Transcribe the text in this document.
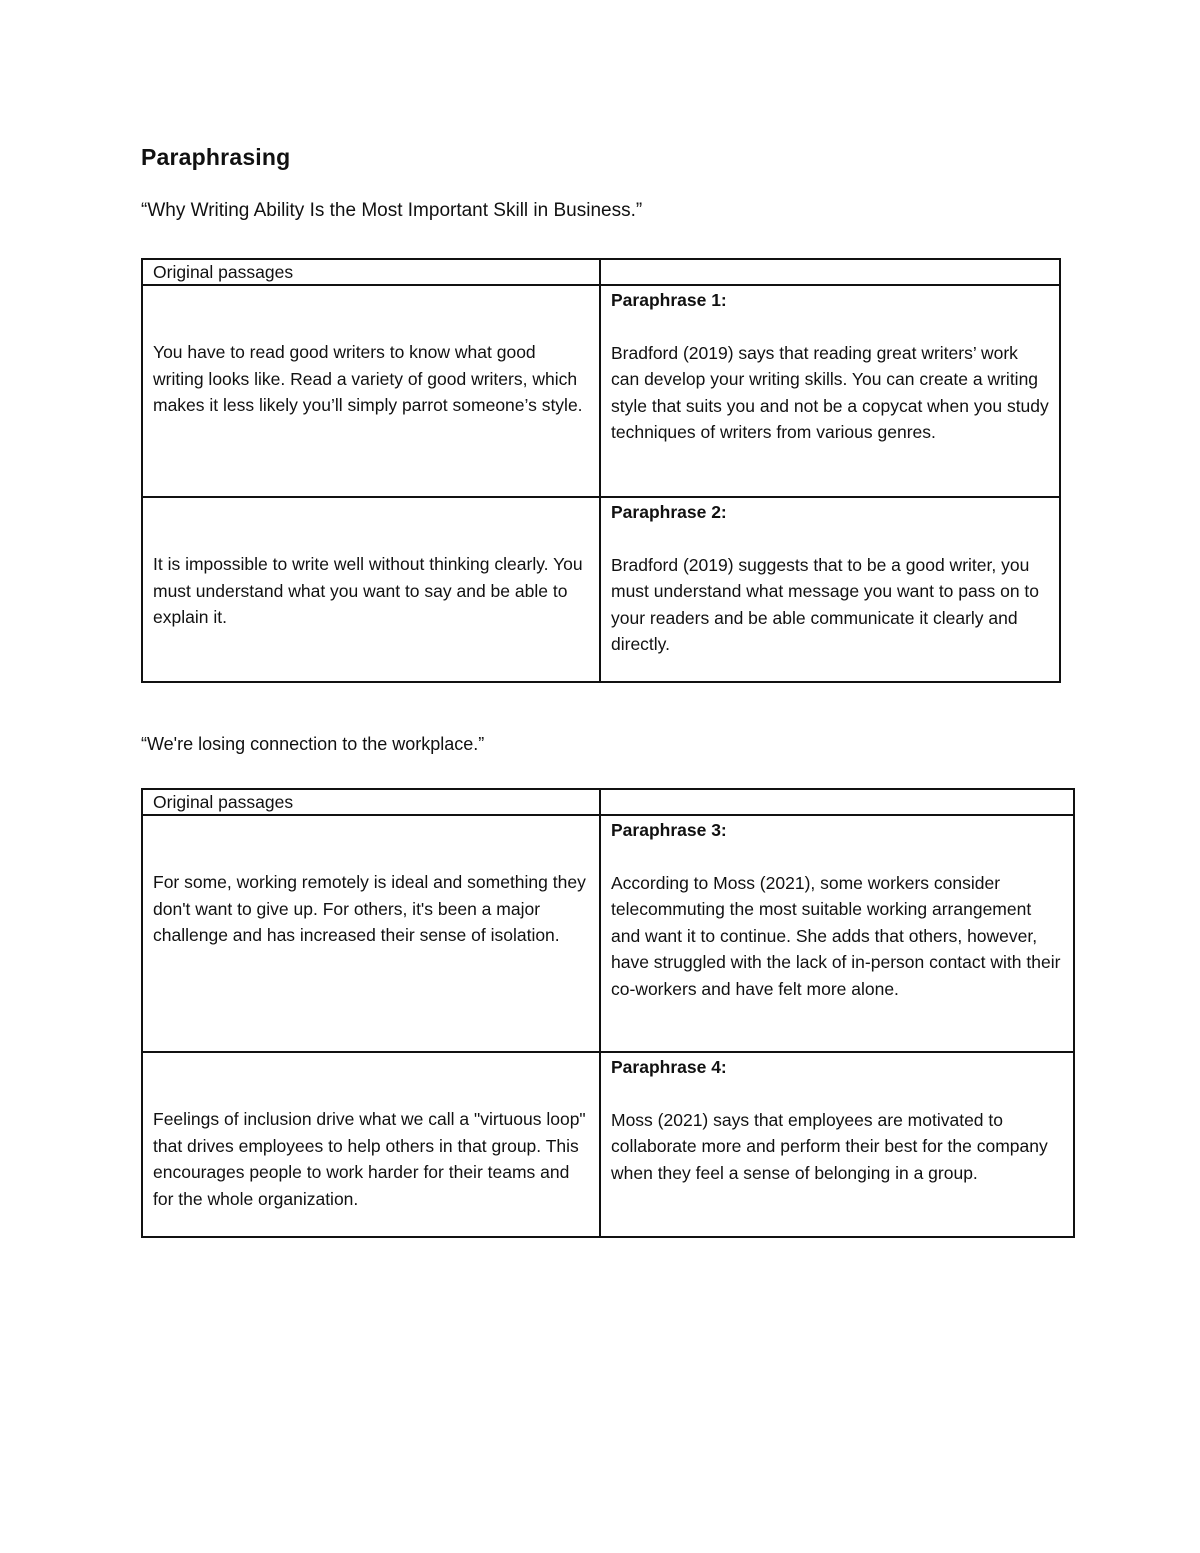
Paraphrasing
“Why Writing Ability Is the Most Important Skill in Business.”
Original passages	

You have to read good writers to know what good writing looks like. Read a variety of good writers, which makes it less likely you’ll simply parrot someone’s style.	Paraphrase 1:
Bradford (2019) says that reading great writers’ work can develop your writing skills. You can create a writing style that suits you and not be a copycat when you study techniques of writers from various genres.

It is impossible to write well without thinking clearly. You must understand what you want to say and be able to explain it.	Paraphrase 2:
Bradford (2019) suggests that to be a good writer, you must understand what message you want to pass on to your readers and be able communicate it clearly and directly.
“We're losing connection to the workplace.”
Original passages	

For some, working remotely is ideal and something they don't want to give up. For others, it's been a major challenge and has increased their sense of isolation.	Paraphrase 3:
According to Moss (2021), some workers consider telecommuting the most suitable working arrangement and want it to continue. She adds that others, however, have struggled with the lack of in-person contact with their co-workers and have felt more alone.

Feelings of inclusion drive what we call a "virtuous loop" that drives employees to help others in that group. This encourages people to work harder for their teams and for the whole organization.	Paraphrase 4:
Moss (2021) says that employees are motivated to collaborate more and perform their best for the company when they feel a sense of belonging in a group.
